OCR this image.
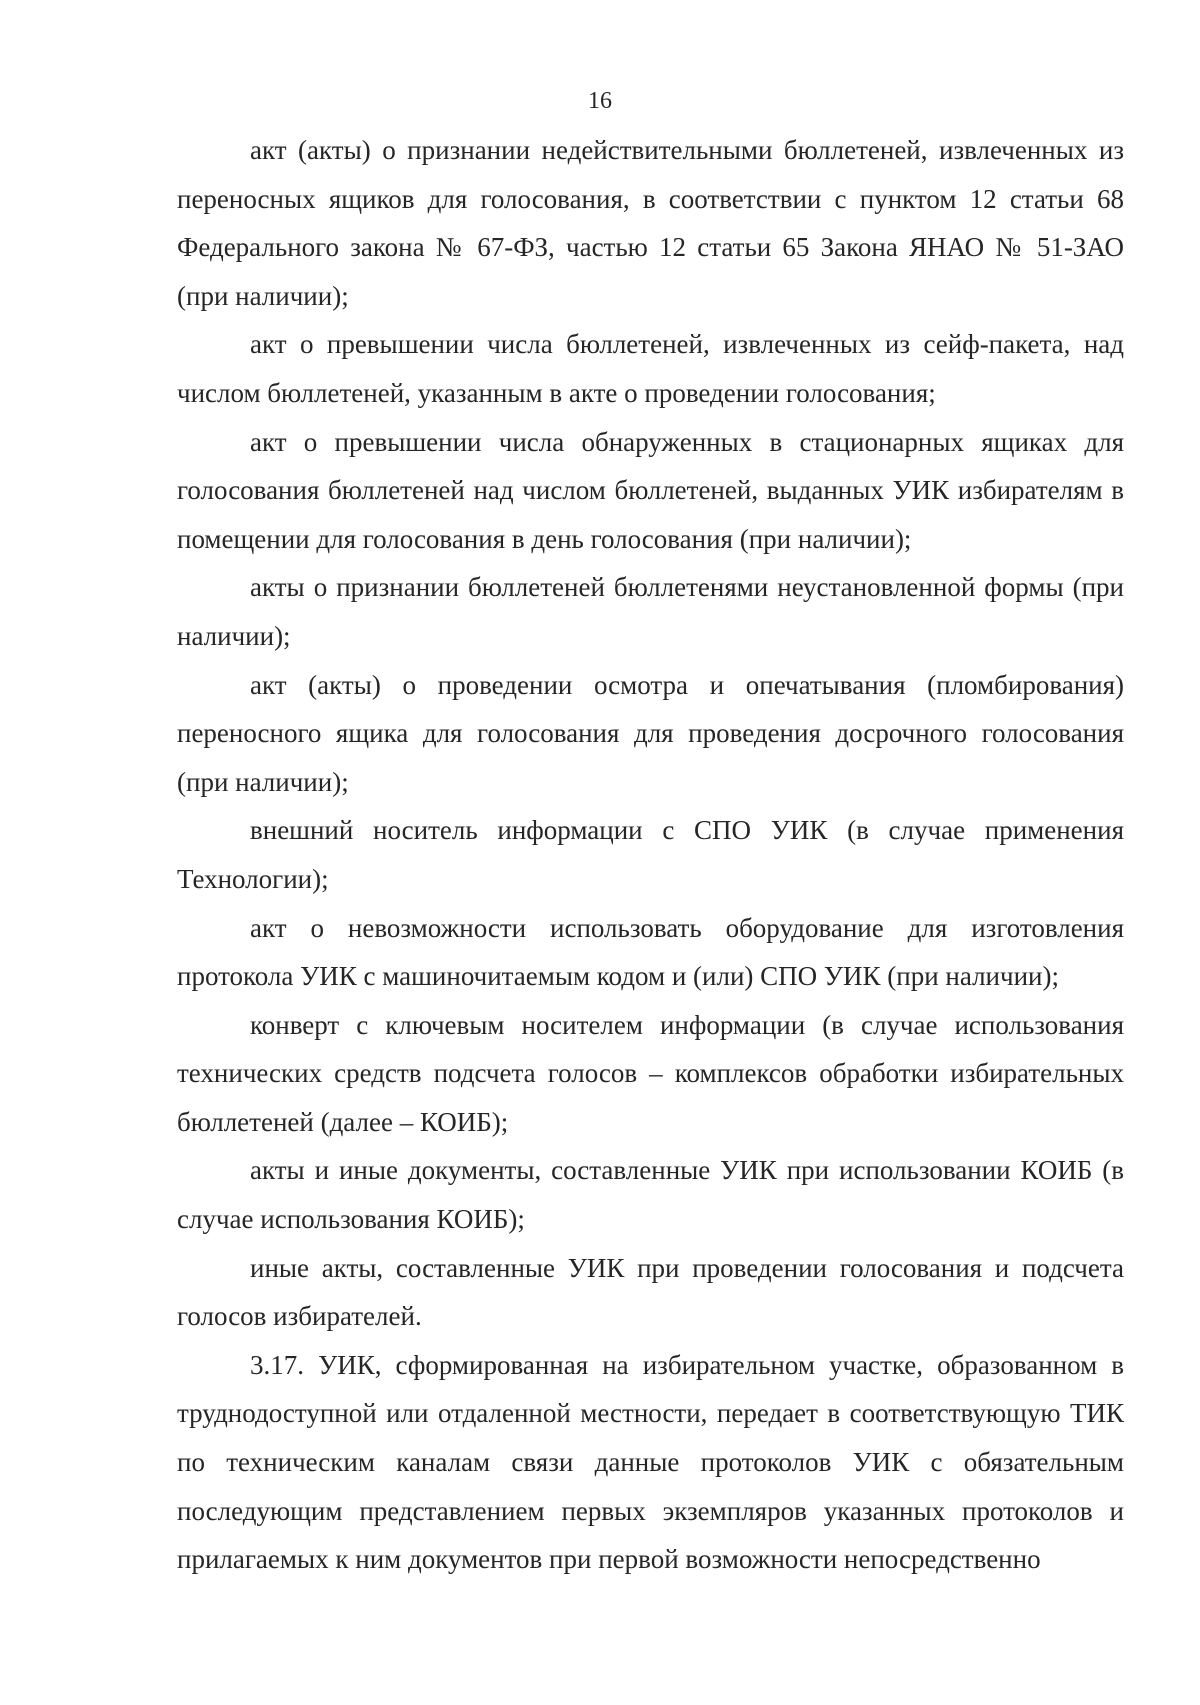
16

акт (акты) о признании недействительными бюллетеней, извлеченных из переносных ящиков для голосования, в соответствии с пунктом 12 статьи 68 Федерального закона № 67-ФЗ, частью 12 статьи 65 Закона ЯНАО № 51-ЗАО (при наличии);

акт о превышении числа бюллетеней, извлеченных из сейф-пакета, над числом бюллетеней, указанным в акте о проведении голосования;

акт о превышении числа обнаруженных в стационарных ящиках для голосования бюллетеней над числом бюллетеней, выданных УИК избирателям в помещении для голосования в день голосования (при наличии);

акты о признании бюллетеней бюллетенями неустановленной формы (при наличии);

акт (акты) о проведении осмотра и опечатывания (пломбирования) переносного ящика для голосования для проведения досрочного голосования (при наличии);

внешний носитель информации с СПО УИК (в случае применения Технологии);

акт о невозможности использовать оборудование для изготовления протокола УИК с машиночитаемым кодом и (или) СПО УИК (при наличии);

конверт с ключевым носителем информации (в случае использования технических средств подсчета голосов – комплексов обработки избирательных бюллетеней (далее – КОИБ);

акты и иные документы, составленные УИК при использовании КОИБ (в случае использования КОИБ);

иные акты, составленные УИК при проведении голосования и подсчета голосов избирателей.

3.17. УИК, сформированная на избирательном участке, образованном в труднодоступной или отдаленной местности, передает в соответствующую ТИК по техническим каналам связи данные протоколов УИК с обязательным последующим представлением первых экземпляров указанных протоколов и прилагаемых к ним документов при первой возможности непосредственно
